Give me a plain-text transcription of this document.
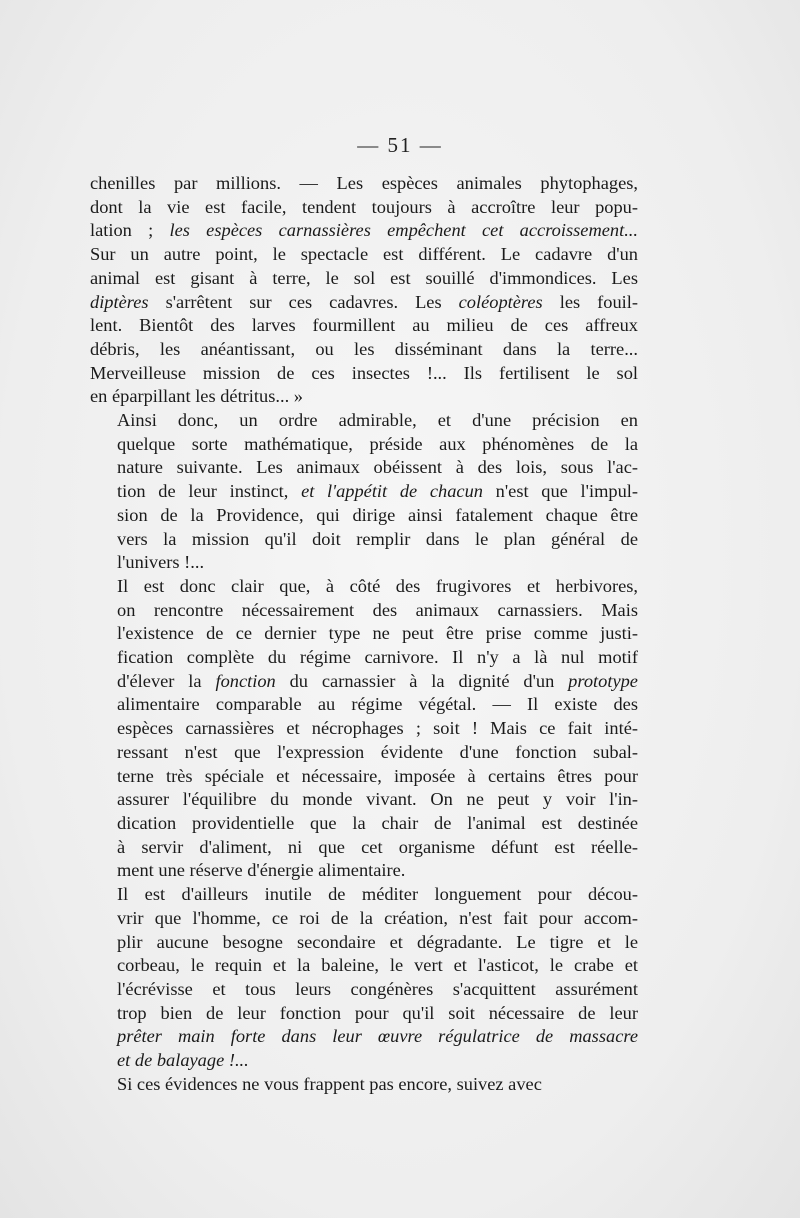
— 51 —

chenilles par millions. — Les espèces animales phytophages,
dont la vie est facile, tendent toujours à accroître leur popu-
lation ; les espèces carnassières empêchent cet accroissement...
Sur un autre point, le spectacle est différent. Le cadavre d'un
animal est gisant à terre, le sol est souillé d'immondices. Les
diptères s'arrêtent sur ces cadavres. Les coléoptères les fouil-
lent. Bientôt des larves fourmillent au milieu de ces affreux
débris, les anéantissant, ou les disséminant dans la terre...
Merveilleuse mission de ces insectes !... Ils fertilisent le sol
en éparpillant les détritus... »

Ainsi donc, un ordre admirable, et d'une précision en
quelque sorte mathématique, préside aux phénomènes de la
nature suivante. Les animaux obéissent à des lois, sous l'ac-
tion de leur instinct, et l'appétit de chacun n'est que l'impul-
sion de la Providence, qui dirige ainsi fatalement chaque être
vers la mission qu'il doit remplir dans le plan général de
l'univers !...

Il est donc clair que, à côté des frugivores et herbivores,
on rencontre nécessairement des animaux carnassiers. Mais
l'existence de ce dernier type ne peut être prise comme justi-
fication complète du régime carnivore. Il n'y a là nul motif
d'élever la fonction du carnassier à la dignité d'un prototype
alimentaire comparable au régime végétal. — Il existe des
espèces carnassières et nécrophages ; soit ! Mais ce fait inté-
ressant n'est que l'expression évidente d'une fonction subal-
terne très spéciale et nécessaire, imposée à certains êtres pour
assurer l'équilibre du monde vivant. On ne peut y voir l'in-
dication providentielle que la chair de l'animal est destinée
à servir d'aliment, ni que cet organisme défunt est réelle-
ment une réserve d'énergie alimentaire.

Il est d'ailleurs inutile de méditer longuement pour décou-
vrir que l'homme, ce roi de la création, n'est fait pour accom-
plir aucune besogne secondaire et dégradante. Le tigre et le
corbeau, le requin et la baleine, le vert et l'asticot, le crabe et
l'écrévisse et tous leurs congénères s'acquittent assurément
trop bien de leur fonction pour qu'il soit nécessaire de leur
prêter main forte dans leur œuvre régulatrice de massacre
et de balayage !...

Si ces évidences ne vous frappent pas encore, suivez avec
